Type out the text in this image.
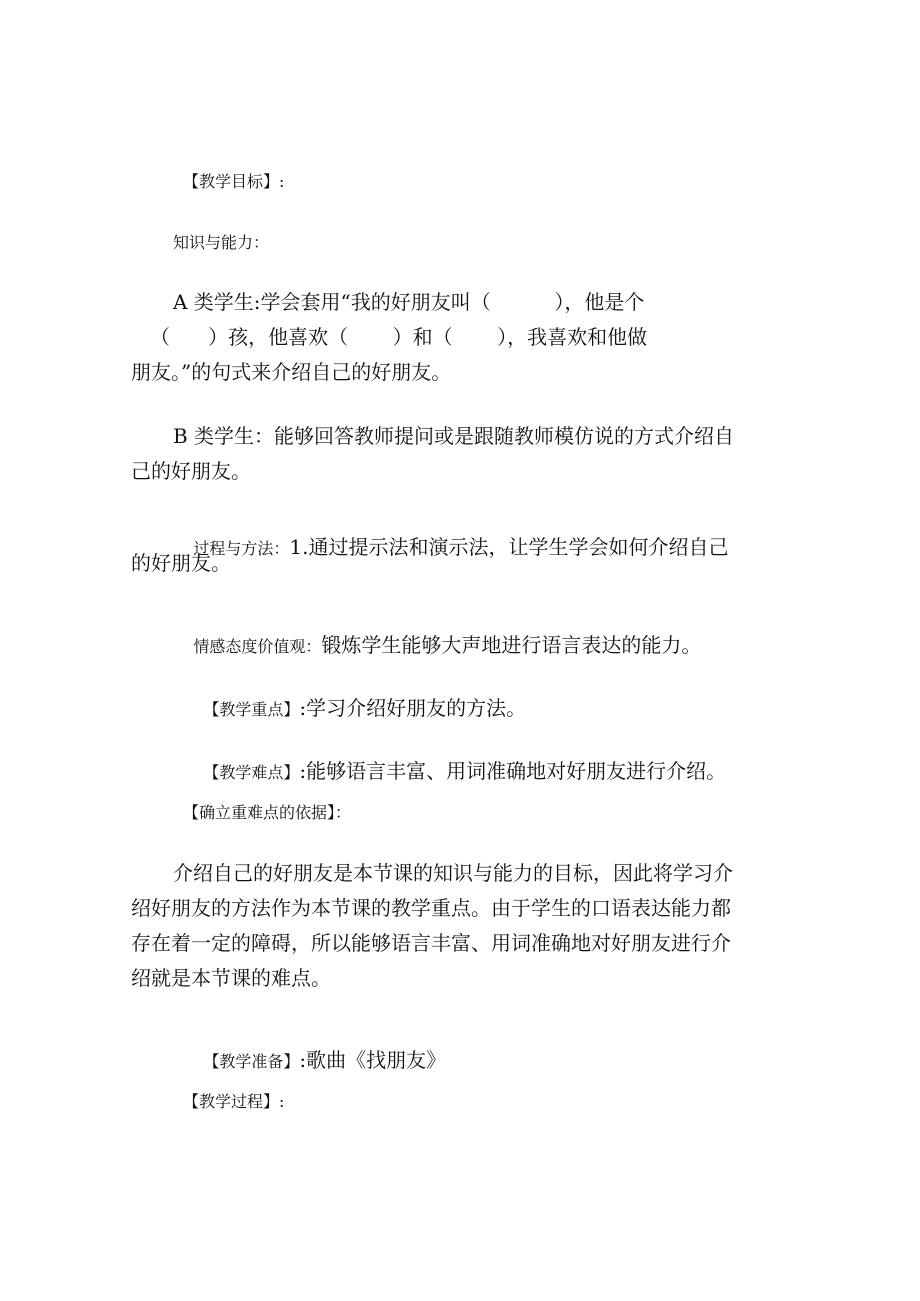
【教学目标】:
知识与能力：
A 类学生:学会套用“我的好朋友叫（          ），他是个
（      ）孩，他喜欢（       ）和（       ），我喜欢和他做
朋友。”的句式来介绍自己的好朋友。
B 类学生：能够回答教师提问或是跟随教师模仿说的方式介绍自
己的好朋友。

过程与方法：1.通过提示法和演示法，让学生学会如何介绍自己

的好朋友。

情感态度价值观：锻炼学生能够大声地进行语言表达的能力。

【教学重点】:学习介绍好朋友的方法。

【教学难点】:能够语言丰富、用词准确地对好朋友进行介绍。

【确立重难点的依据】：
介绍自己的好朋友是本节课的知识与能力的目标，因此将学习介
绍好朋友的方法作为本节课的教学重点。由于学生的口语表达能力都
存在着一定的障碍，所以能够语言丰富、用词准确地对好朋友进行介
绍就是本节课的难点。

【教学准备】:歌曲《找朋友》

【教学过程】:
